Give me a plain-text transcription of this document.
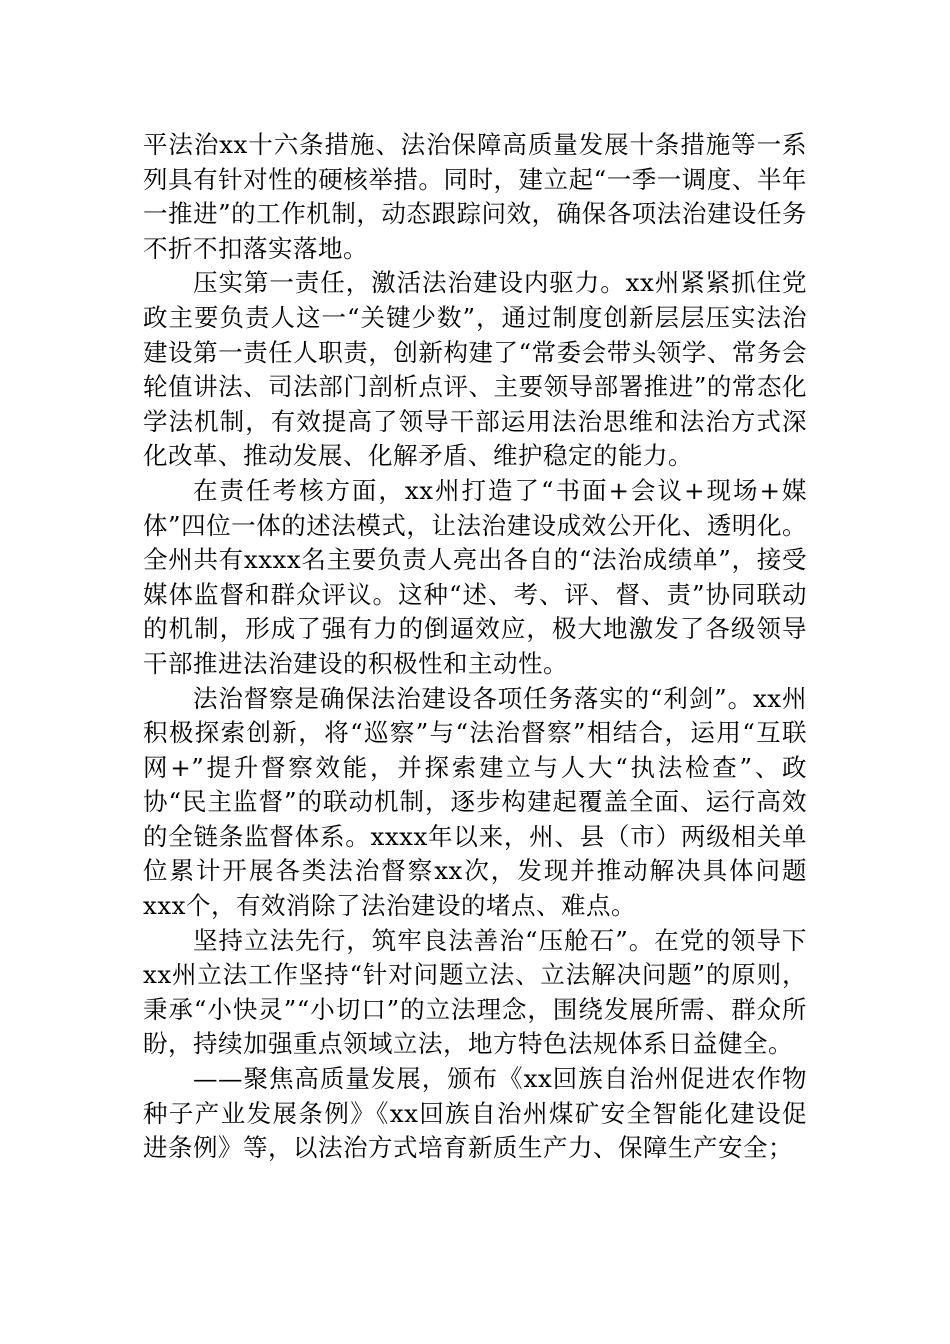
平法治xx十六条措施、法治保障高质量发展十条措施等一系列具有针对性的硬核举措。同时，建立起“一季一调度、半年一推进”的工作机制，动态跟踪问效，确保各项法治建设任务不折不扣落实落地。

压实第一责任，激活法治建设内驱力。xx州紧紧抓住党政主要负责人这一“关键少数”，通过制度创新层层压实法治建设第一责任人职责，创新构建了“常委会带头领学、常务会轮值讲法、司法部门剖析点评、主要领导部署推进”的常态化学法机制，有效提高了领导干部运用法治思维和法治方式深化改革、推动发展、化解矛盾、维护稳定的能力。

在责任考核方面，xx州打造了“书面+会议+现场+媒体”四位一体的述法模式，让法治建设成效公开化、透明化。全州共有xxxx名主要负责人亮出各自的“法治成绩单”，接受媒体监督和群众评议。这种“述、考、评、督、责”协同联动的机制，形成了强有力的倒逼效应，极大地激发了各级领导干部推进法治建设的积极性和主动性。

法治督察是确保法治建设各项任务落实的“利剑”。xx州积极探索创新，将“巡察”与“法治督察”相结合，运用“互联网+”提升督察效能，并探索建立与人大“执法检查”、政协“民主监督”的联动机制，逐步构建起覆盖全面、运行高效的全链条监督体系。xxxx年以来，州、县（市）两级相关单位累计开展各类法治督察xx次，发现并推动解决具体问题xxx个，有效消除了法治建设的堵点、难点。

坚持立法先行，筑牢良法善治“压舱石”。在党的领导下xx州立法工作坚持“针对问题立法、立法解决问题”的原则，秉承“小快灵”“小切口”的立法理念，围绕发展所需、群众所盼，持续加强重点领域立法，地方特色法规体系日益健全。

——聚焦高质量发展，颁布《xx回族自治州促进农作物种子产业发展条例》《xx回族自治州煤矿安全智能化建设促进条例》等，以法治方式培育新质生产力、保障生产安全；
